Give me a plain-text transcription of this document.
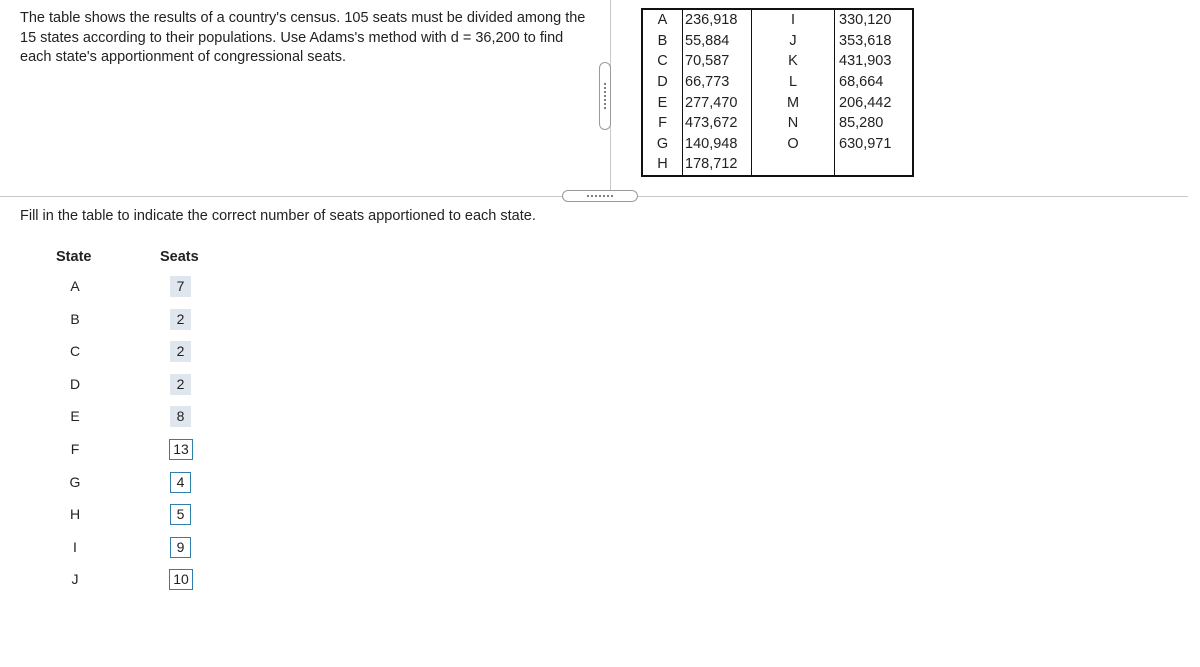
The table shows the results of a country's census. 105 seats must be divided among the 15 states according to their populations. Use Adams's method with d = 36,200 to find each state's apportionment of congressional seats.
A	236,918	I	330,120
B	55,884	J	353,618
C	70,587	K	431,903
D	66,773	L	68,664
E	277,470	M	206,442
F	473,672	N	85,280
G	140,948	O	630,971
H	178,712		
Fill in the table to indicate the correct number of seats apportioned to each state.
State	Seats
A	7
B	2
C	2
D	2
E	8
F	13
G	4
H	5
I	9
J	10
